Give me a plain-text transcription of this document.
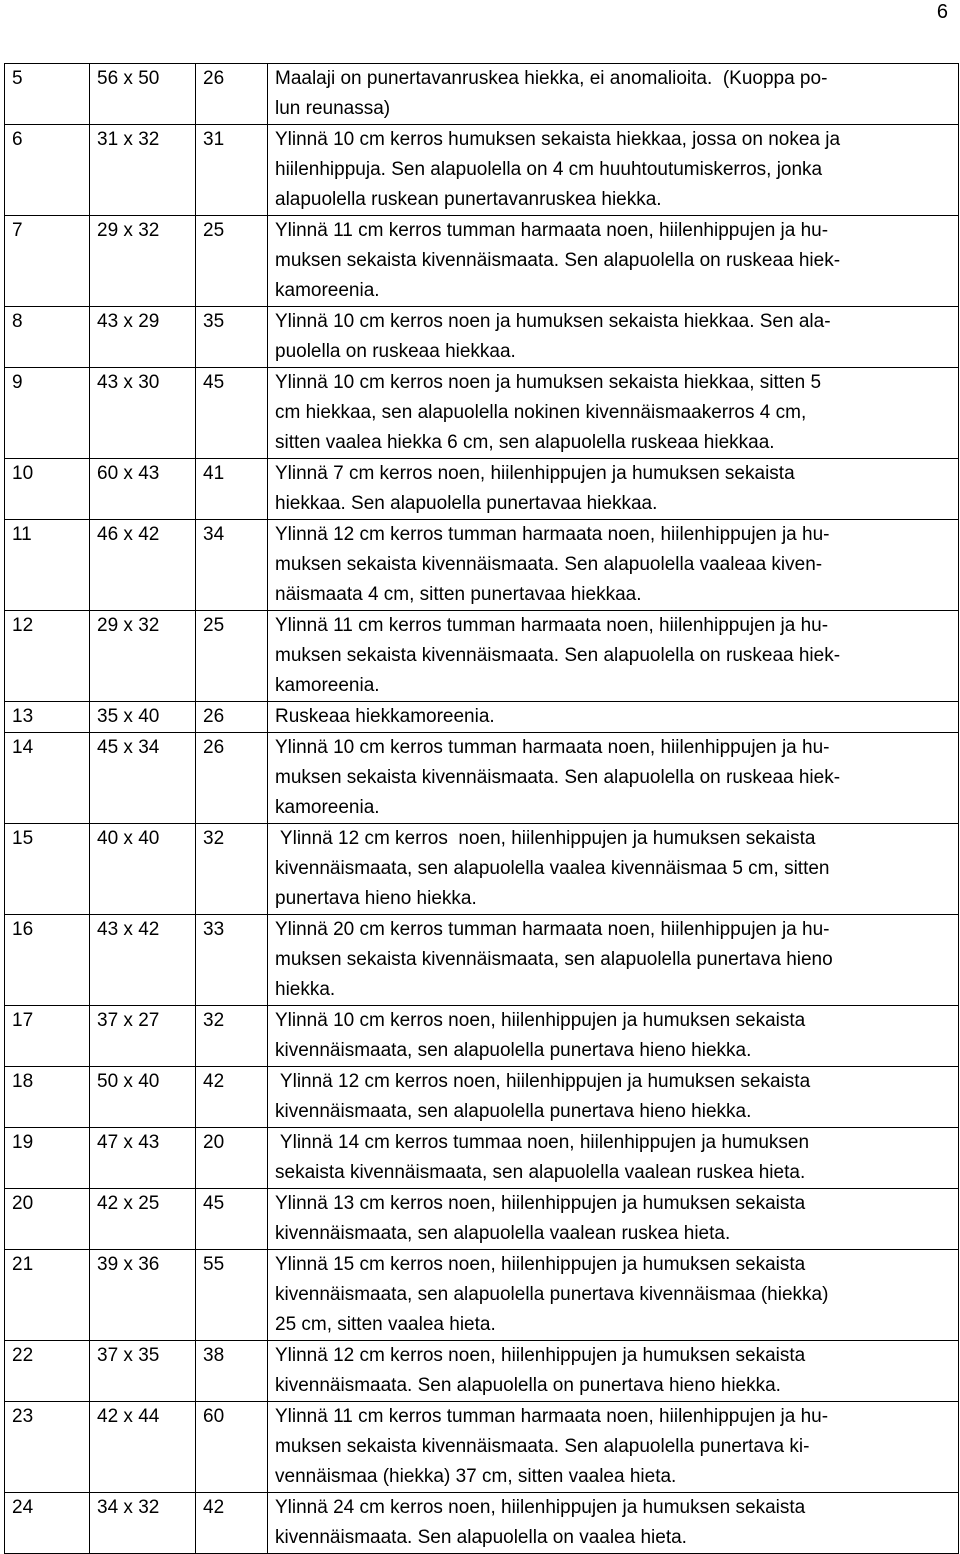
6
5	56 x 50	26	Maalaji on punertavanruskea hiekka, ei anomalioita.  (Kuoppa po-
lun reunassa)

6	31 x 32	31	Ylinnä 10 cm kerros humuksen sekaista hiekkaa, jossa on nokea ja
hiilenhippuja. Sen alapuolella on 4 cm huuhtoutumiskerros, jonka
alapuolella ruskean punertavanruskea hiekka.

7	29 x 32	25	Ylinnä 11 cm kerros tumman harmaata noen, hiilenhippujen ja hu-
muksen sekaista kivennäismaata. Sen alapuolella on ruskeaa hiek-
kamoreenia.

8	43 x 29	35	Ylinnä 10 cm kerros noen ja humuksen sekaista hiekkaa. Sen ala-
puolella on ruskeaa hiekkaa.

9	43 x 30	45	Ylinnä 10 cm kerros noen ja humuksen sekaista hiekkaa, sitten 5
cm hiekkaa, sen alapuolella nokinen kivennäismaakerros 4 cm,
sitten vaalea hiekka 6 cm, sen alapuolella ruskeaa hiekkaa.

10	60 x 43	41	Ylinnä 7 cm kerros noen, hiilenhippujen ja humuksen sekaista
hiekkaa. Sen alapuolella punertavaa hiekkaa.

11	46 x 42	34	Ylinnä 12 cm kerros tumman harmaata noen, hiilenhippujen ja hu-
muksen sekaista kivennäismaata. Sen alapuolella vaaleaa kiven-
näismaata 4 cm, sitten punertavaa hiekkaa.

12	29 x 32	25	Ylinnä 11 cm kerros tumman harmaata noen, hiilenhippujen ja hu-
muksen sekaista kivennäismaata. Sen alapuolella on ruskeaa hiek-
kamoreenia.

13	35 x 40	26	Ruskeaa hiekkamoreenia.

14	45 x 34	26	Ylinnä 10 cm kerros tumman harmaata noen, hiilenhippujen ja hu-
muksen sekaista kivennäismaata. Sen alapuolella on ruskeaa hiek-
kamoreenia.

15	40 x 40	32	Ylinnä 12 cm kerros  noen, hiilenhippujen ja humuksen sekaista
kivennäismaata, sen alapuolella vaalea kivennäismaa 5 cm, sitten
punertava hieno hiekka.

16	43 x 42	33	Ylinnä 20 cm kerros tumman harmaata noen, hiilenhippujen ja hu-
muksen sekaista kivennäismaata, sen alapuolella punertava hieno
hiekka.

17	37 x 27	32	Ylinnä 10 cm kerros noen, hiilenhippujen ja humuksen sekaista
kivennäismaata, sen alapuolella punertava hieno hiekka.

18	50 x 40	42	Ylinnä 12 cm kerros noen, hiilenhippujen ja humuksen sekaista
kivennäismaata, sen alapuolella punertava hieno hiekka.

19	47 x 43	20	Ylinnä 14 cm kerros tummaa noen, hiilenhippujen ja humuksen
sekaista kivennäismaata, sen alapuolella vaalean ruskea hieta.

20	42 x 25	45	Ylinnä 13 cm kerros noen, hiilenhippujen ja humuksen sekaista
kivennäismaata, sen alapuolella vaalean ruskea hieta.

21	39 x 36	55	Ylinnä 15 cm kerros noen, hiilenhippujen ja humuksen sekaista
kivennäismaata, sen alapuolella punertava kivennäismaa (hiekka)
25 cm, sitten vaalea hieta.

22	37 x 35	38	Ylinnä 12 cm kerros noen, hiilenhippujen ja humuksen sekaista
kivennäismaata. Sen alapuolella on punertava hieno hiekka.

23	42 x 44	60	Ylinnä 11 cm kerros tumman harmaata noen, hiilenhippujen ja hu-
muksen sekaista kivennäismaata. Sen alapuolella punertava ki-
vennäismaa (hiekka) 37 cm, sitten vaalea hieta.

24	34 x 32	42	Ylinnä 24 cm kerros noen, hiilenhippujen ja humuksen sekaista
kivennäismaata. Sen alapuolella on vaalea hieta.
